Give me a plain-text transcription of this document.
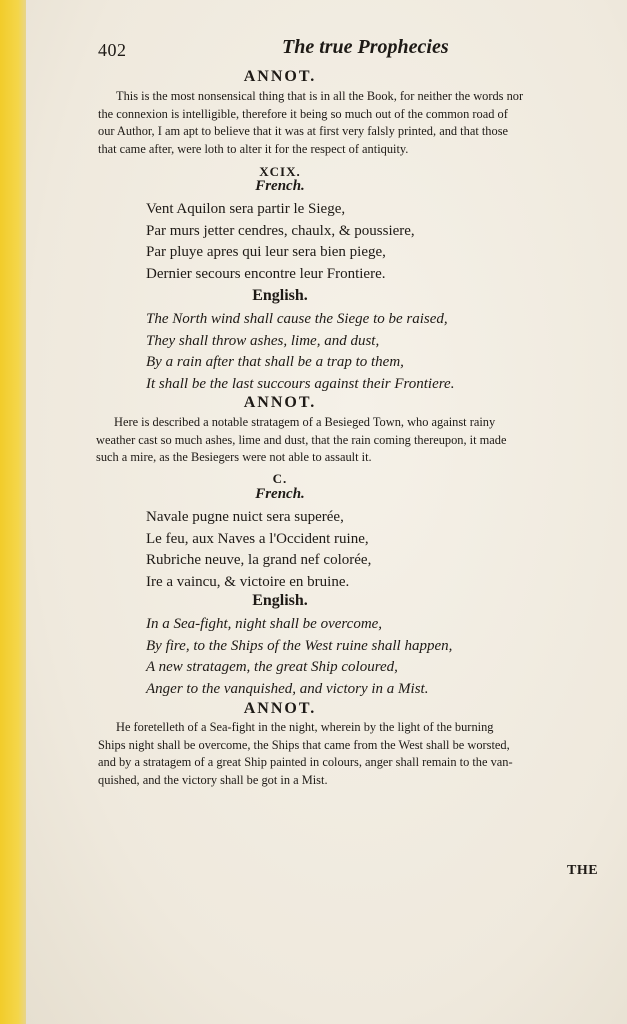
402	The true Prophecies
ANNOT.
This is the most nonsensical thing that is in all the Book, for neither the words nor
the connexion is intelligible, therefore it being so much out of the common road of
our Author, I am apt to believe that it was at first very falsly printed, and that those
that came after, were loth to alter it for the respect of antiquity.
XCIX.
French.
Vent Aquilon sera partir le Siege,
Par murs jetter cendres, chaulx, & poussiere,
Par pluye apres qui leur sera bien piege,
Dernier secours encontre leur Frontiere.
English.
The North wind shall cause the Siege to be raised,
They shall throw ashes, lime, and dust,
By a rain after that shall be a trap to them,
It shall be the last succours against their Frontiere.
ANNOT.
Here is described a notable stratagem of a Besieged Town, who against rainy
weather cast so much ashes, lime and dust, that the rain coming thereupon, it made
such a mire, as the Besiegers were not able to assault it.
C.
French.
Navale pugne nuict sera superée,
Le feu, aux Naves a l'Occident ruine,
Rubriche neuve, la grand nef colorée,
Ire a vaincu, & victoire en bruine.
English.
In a Sea-fight, night shall be overcome,
By fire, to the Ships of the West ruine shall happen,
A new stratagem, the great Ship coloured,
Anger to the vanquished, and victory in a Mist.
ANNOT.
He foretelleth of a Sea-fight in the night, wherein by the light of the burning
Ships night shall be overcome, the Ships that came from the West shall be worsted,
and by a stratagem of a great Ship painted in colours, anger shall remain to the van-
quished, and the victory shall be got in a Mist.
THE
